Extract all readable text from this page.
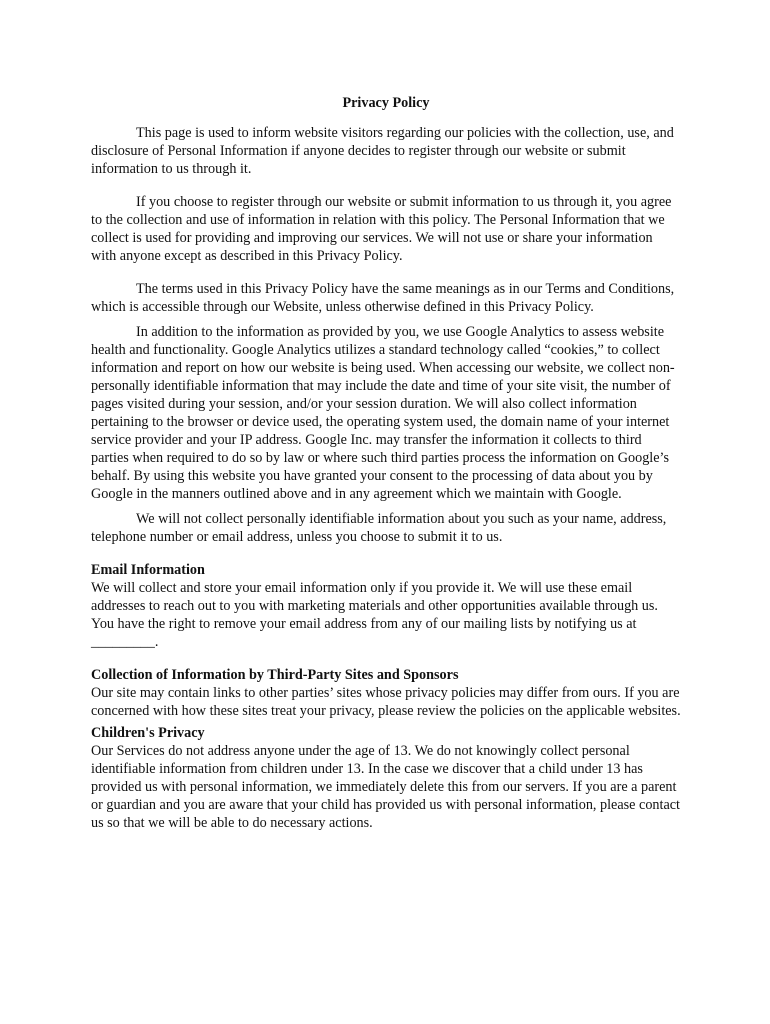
Privacy Policy

This page is used to inform website visitors regarding our policies with the collection, use, and disclosure of Personal Information if anyone decides to register through our website or submit information to us through it.

If you choose to register through our website or submit information to us through it, you agree to the collection and use of information in relation with this policy. The Personal Information that we collect is used for providing and improving our services. We will not use or share your information with anyone except as described in this Privacy Policy.

The terms used in this Privacy Policy have the same meanings as in our Terms and Conditions, which is accessible through our Website, unless otherwise defined in this Privacy Policy.

In addition to the information as provided by you, we use Google Analytics to assess website health and functionality. Google Analytics utilizes a standard technology called “cookies,” to collect information and report on how our website is being used. When accessing our website, we collect non-personally identifiable information that may include the date and time of your site visit, the number of pages visited during your session, and/or your session duration. We will also collect information pertaining to the browser or device used, the operating system used, the domain name of your internet service provider and your IP address. Google Inc. may transfer the information it collects to third parties when required to do so by law or where such third parties process the information on Google’s behalf. By using this website you have granted your consent to the processing of data about you by Google in the manners outlined above and in any agreement which we maintain with Google.

We will not collect personally identifiable information about you such as your name, address, telephone number or email address, unless you choose to submit it to us.

Email Information

We will collect and store your email information only if you provide it. We will use these email addresses to reach out to you with marketing materials and other opportunities available through us. You have the right to remove your email address from any of our mailing lists by notifying us at _________.

Collection of Information by Third-Party Sites and Sponsors

Our site may contain links to other parties’ sites whose privacy policies may differ from ours. If you are concerned with how these sites treat your privacy, please review the policies on the applicable websites.

Children's Privacy

Our Services do not address anyone under the age of 13. We do not knowingly collect personal identifiable information from children under 13. In the case we discover that a child under 13 has provided us with personal information, we immediately delete this from our servers. If you are a parent or guardian and you are aware that your child has provided us with personal information, please contact us so that we will be able to do necessary actions.
